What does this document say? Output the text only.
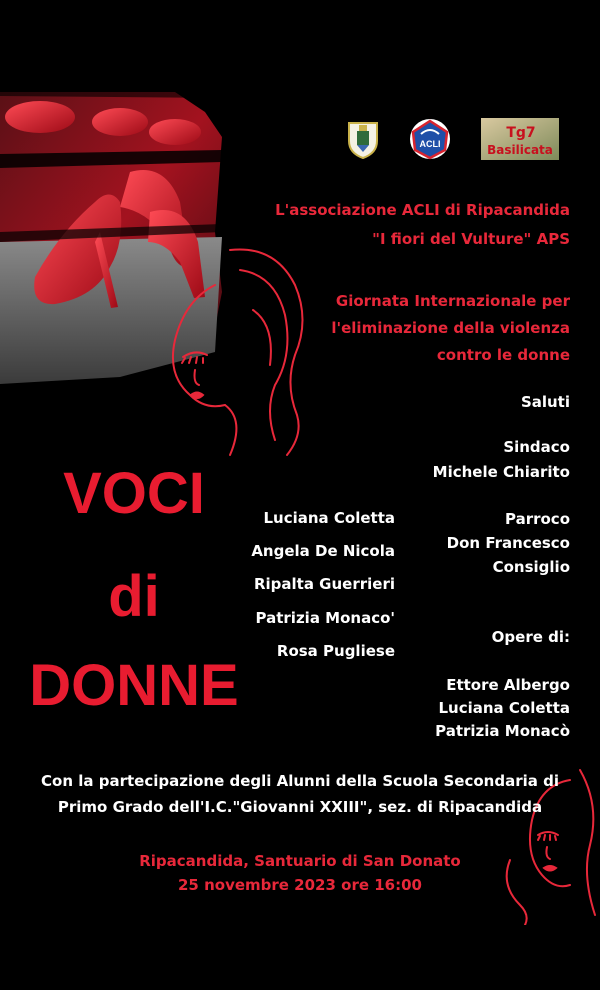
ACLI
Tg7
Basilicata
L'associazione ACLI di Ripacandida
"I fiori del Vulture" APS
Giornata Internazionale per
l'eliminazione della violenza
contro le donne
Saluti
Sindaco
Michele Chiarito
Parroco
Don Francesco
Consiglio
Opere di:
Ettore Albergo
Luciana Coletta
Patrizia Monacò
VOCI
di
DONNE
Luciana Coletta
Angela De Nicola
Ripalta Guerrieri
Patrizia Monaco'
Rosa Pugliese
Con la partecipazione degli Alunni della Scuola Secondaria di
Primo Grado dell'I.C."Giovanni XXIII", sez. di Ripacandida
Ripacandida, Santuario di San Donato
25 novembre 2023 ore 16:00
